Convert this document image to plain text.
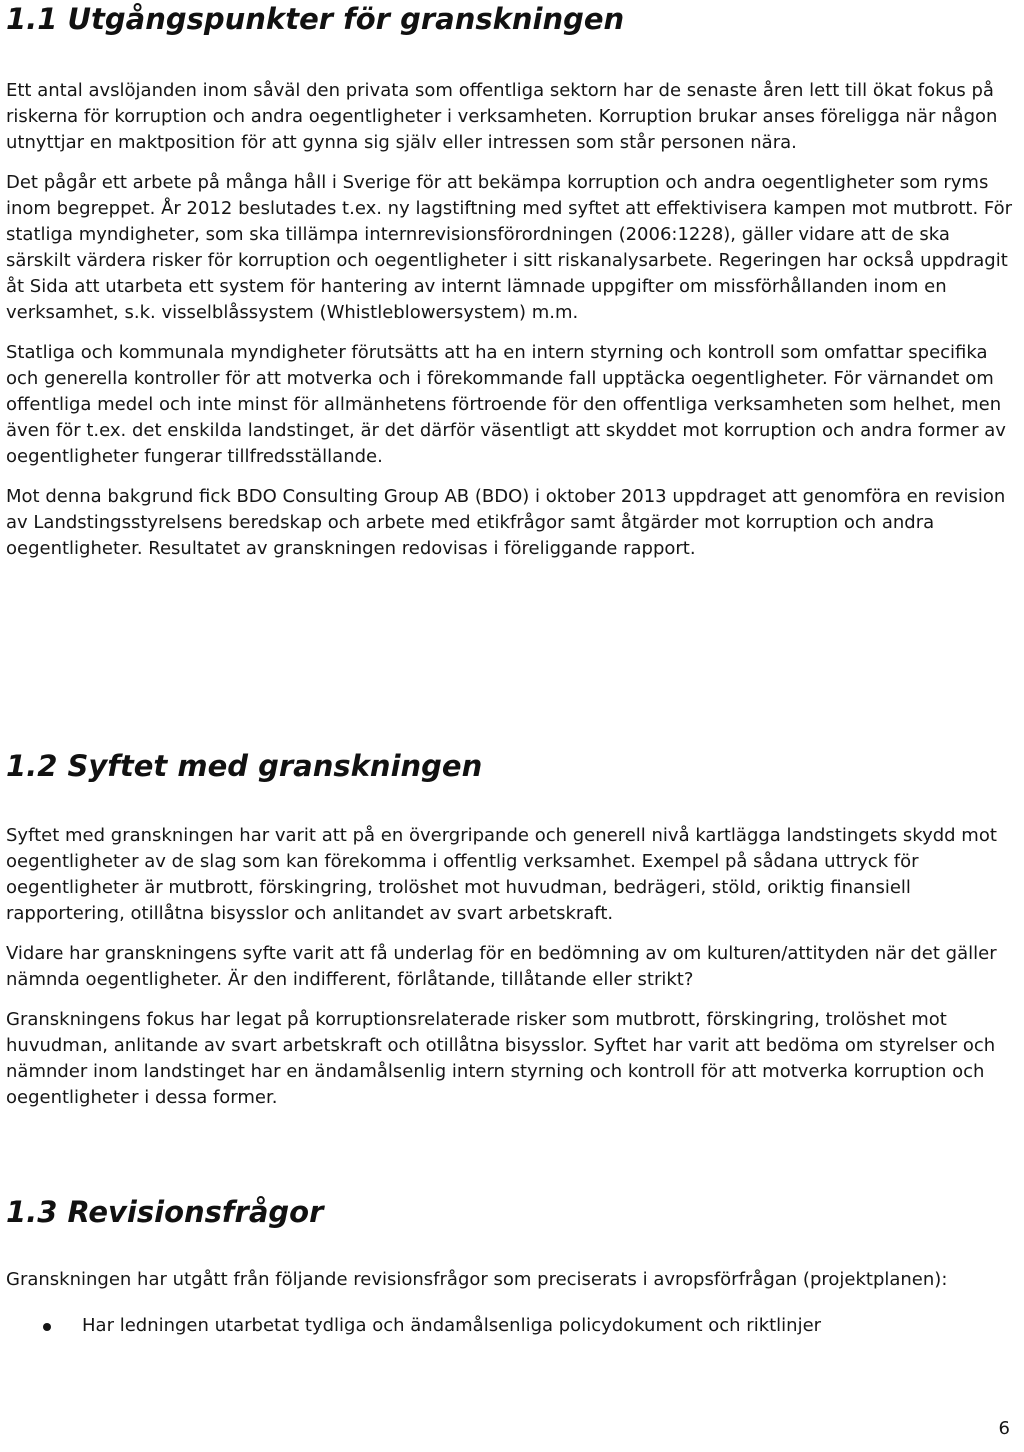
1.1 Utgångspunkter för granskningen

Ett antal avslöjanden inom såväl den privata som offentliga sektorn har de senaste åren lett till ökat fokus på riskerna för korruption och andra oegentligheter i verksamheten. Korruption brukar anses föreligga när någon utnyttjar en maktposition för att gynna sig själv eller intressen som står personen nära.

Det pågår ett arbete på många håll i Sverige för att bekämpa korruption och andra oegentligheter som ryms inom begreppet. År 2012 beslutades t.ex. ny lagstiftning med syftet att effektivisera kampen mot mutbrott. För statliga myndigheter, som ska tillämpa internrevisionsförordningen (2006:1228), gäller vidare att de ska särskilt värdera risker för korruption och oegentligheter i sitt riskanalysarbete. Regeringen har också uppdragit åt Sida att utarbeta ett system för hantering av internt lämnade uppgifter om missförhållanden inom en verksamhet, s.k. visselblåssystem (Whistleblowersystem) m.m.

Statliga och kommunala myndigheter förutsätts att ha en intern styrning och kontroll som omfattar specifika och generella kontroller för att motverka och i förekommande fall upptäcka oegentligheter. För värnandet om offentliga medel och inte minst för allmänhetens förtroende för den offentliga verksamheten som helhet, men även för t.ex. det enskilda landstinget, är det därför väsentligt att skyddet mot korruption och andra former av oegentligheter fungerar tillfredsställande.

Mot denna bakgrund fick BDO Consulting Group AB (BDO) i oktober 2013 uppdraget att genomföra en revision av Landstingsstyrelsens beredskap och arbete med etikfrågor samt åtgärder mot korruption och andra oegentligheter. Resultatet av granskningen redovisas i föreliggande rapport.

1.2 Syftet med granskningen

Syftet med granskningen har varit att på en övergripande och generell nivå kartlägga landstingets skydd mot oegentligheter av de slag som kan förekomma i offentlig verksamhet. Exempel på sådana uttryck för oegentligheter är mutbrott, förskingring, trolöshet mot huvudman, bedrägeri, stöld, oriktig finansiell rapportering, otillåtna bisysslor och anlitandet av svart arbetskraft.

Vidare har granskningens syfte varit att få underlag för en bedömning av om kulturen/attityden när det gäller nämnda oegentligheter. Är den indifferent, förlåtande, tillåtande eller strikt?

Granskningens fokus har legat på korruptionsrelaterade risker som mutbrott, förskingring, trolöshet mot huvudman, anlitande av svart arbetskraft och otillåtna bisysslor. Syftet har varit att bedöma om styrelser och nämnder inom landstinget har en ändamålsenlig intern styrning och kontroll för att motverka korruption och oegentligheter i dessa former.

1.3 Revisionsfrågor

Granskningen har utgått från följande revisionsfrågor som preciserats i avropsförfrågan (projektplanen):

Har ledningen utarbetat tydliga och ändamålsenliga policydokument och riktlinjer
6
